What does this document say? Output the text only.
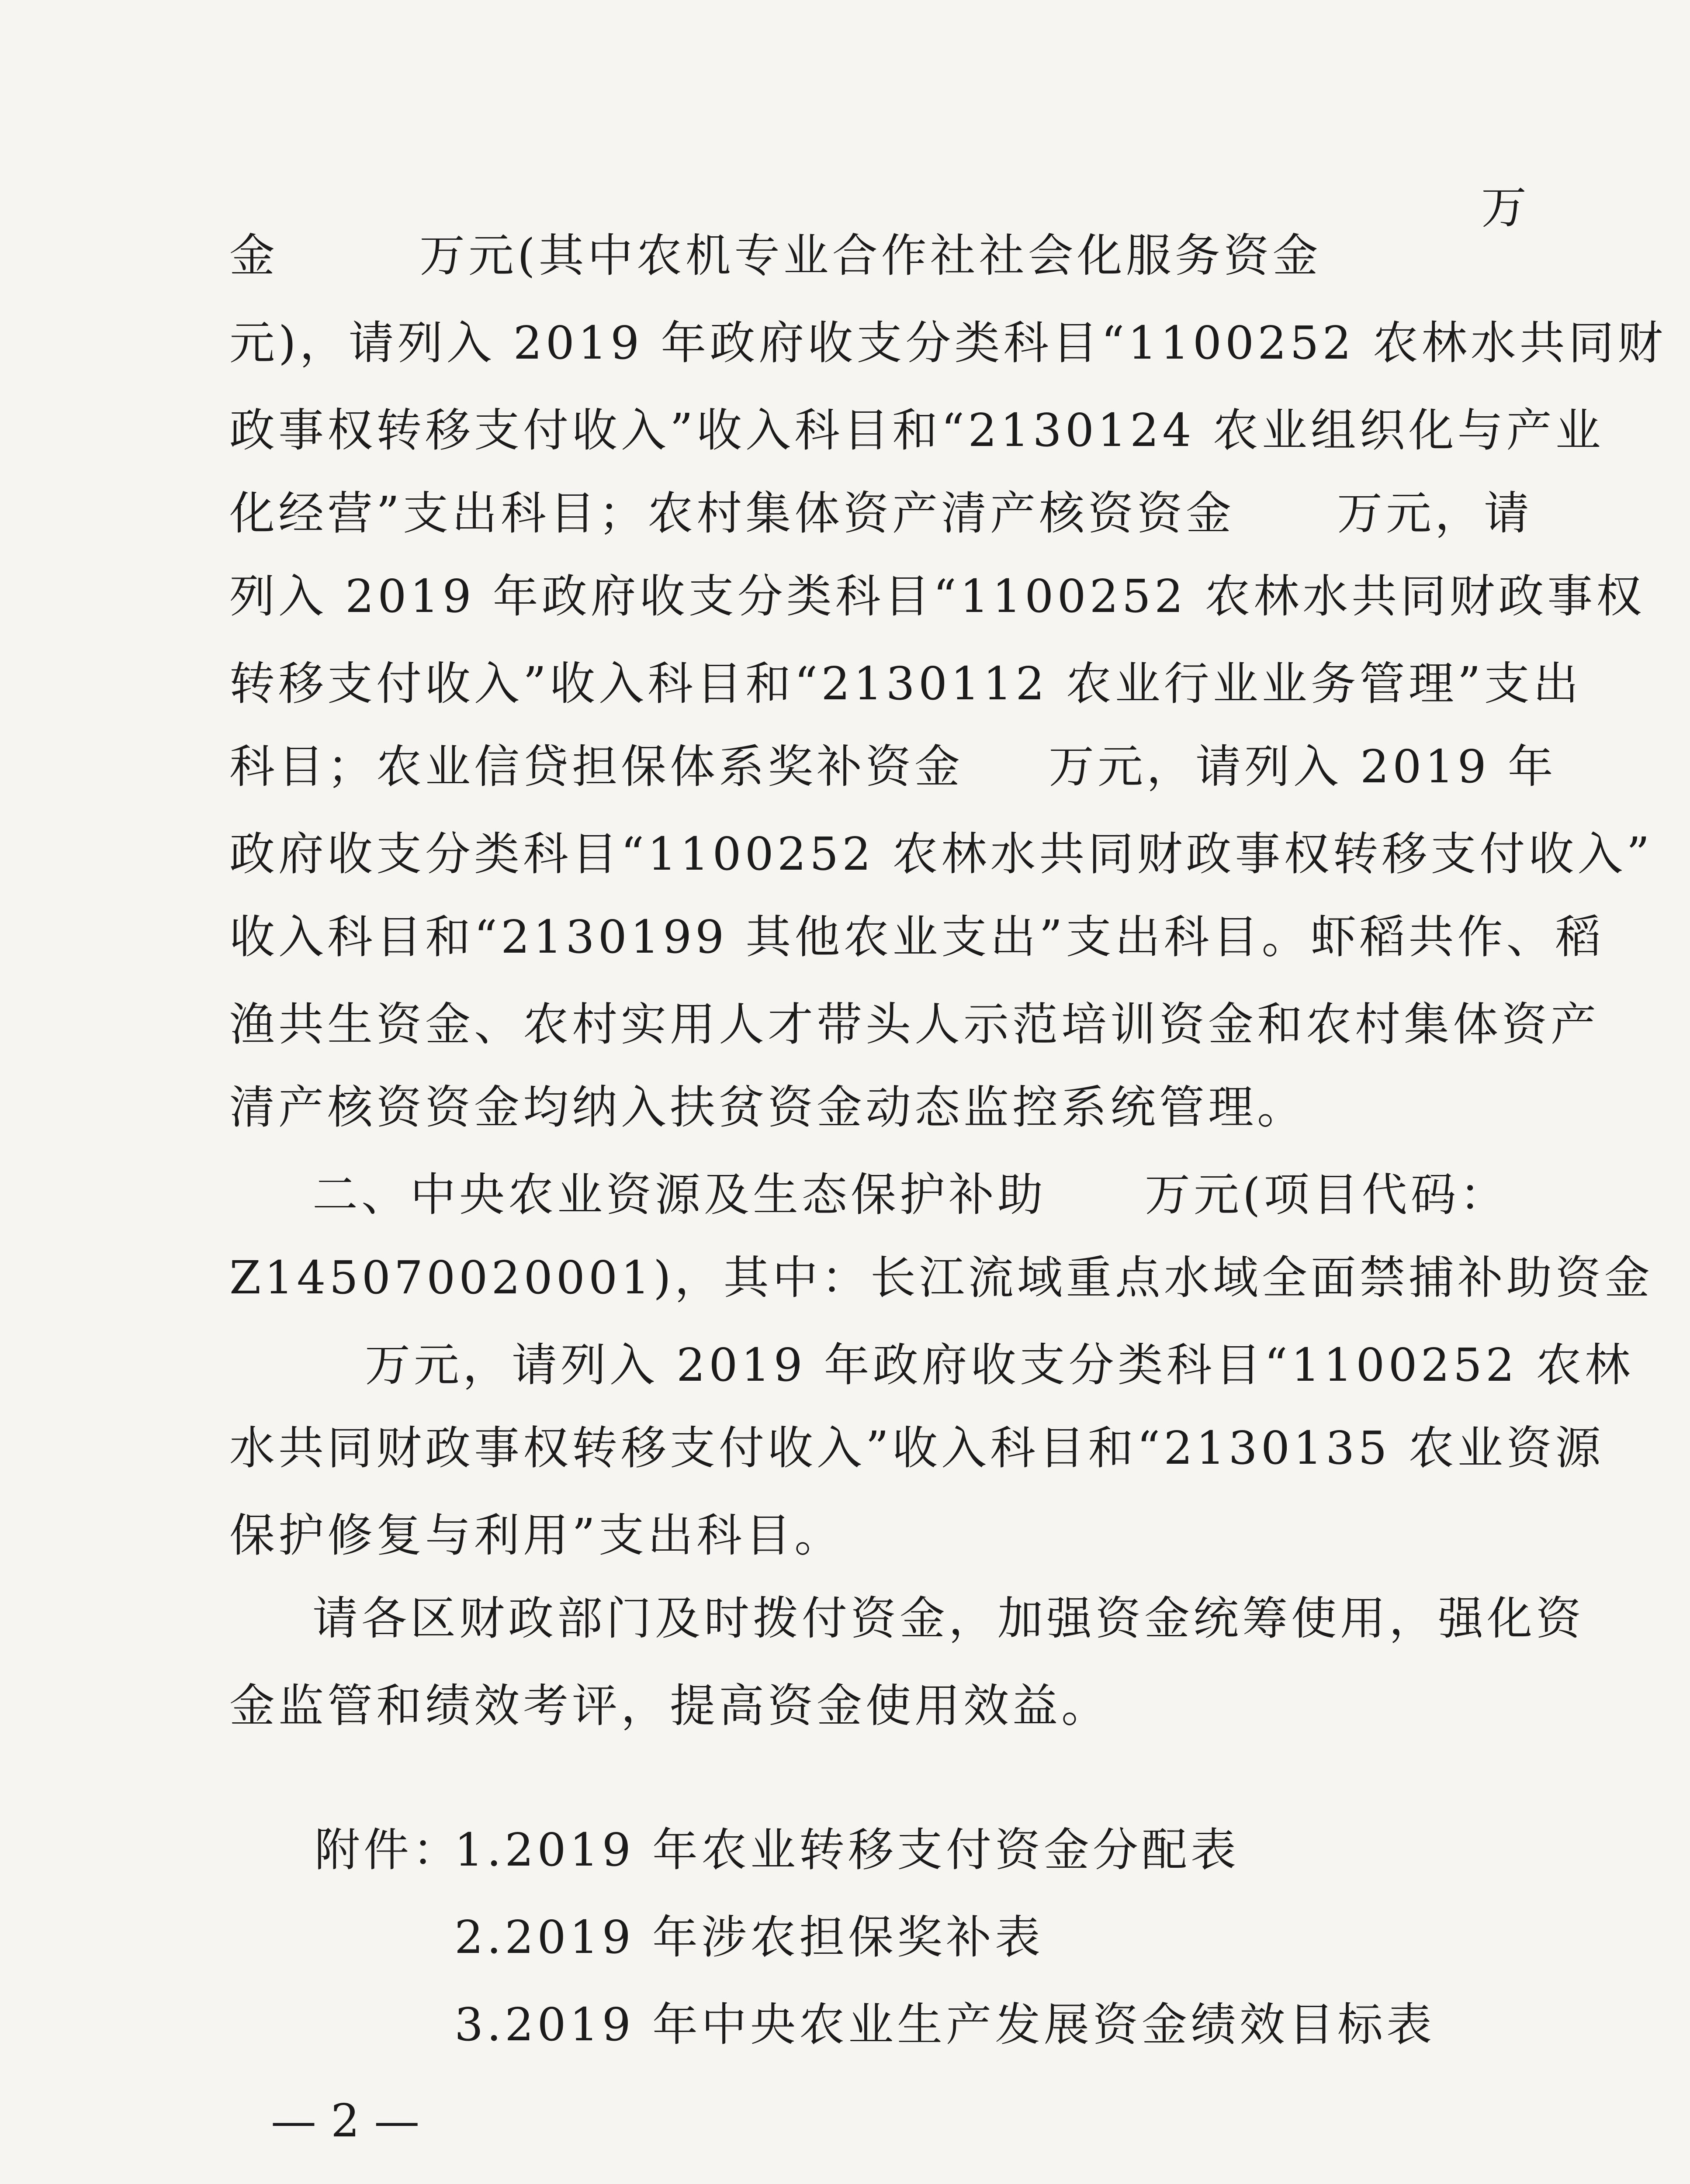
金
元)，请列入 2019 年政府收支分类科目“1100252 农林水共同财
政事权转移支付收入”收入科目和“2130124 农业组织化与产业
化经营”支出科目；农村集体资产清产核资资金
列入 2019 年政府收支分类科目“1100252 农林水共同财政事权
转移支付收入”收入科目和“2130112 农业行业业务管理”支出
科目；农业信贷担保体系奖补资金
政府收支分类科目“1100252 农林水共同财政事权转移支付收入”
收入科目和“2130199 其他农业支出”支出科目。虾稻共作、稻
渔共生资金、农村实用人才带头人示范培训资金和农村集体资产
清产核资资金均纳入扶贫资金动态监控系统管理。
二、中央农业资源及生态保护补助
Z145070020001)，其中：长江流域重点水域全面禁捕补助资金
万元，请列入 2019 年政府收支分类科目“1100252 农林
水共同财政事权转移支付收入”收入科目和“2130135 农业资源
保护修复与利用”支出科目。
请各区财政部门及时拨付资金，加强资金统筹使用，强化资
金监管和绩效考评，提高资金使用效益。
万
万元(其中农机专业合作社社会化服务资金
万元，请
万元，请列入 2019 年
万元(项目代码：
附件：
1.2019 年农业转移支付资金分配表
2.2019 年涉农担保奖补表
3.2019 年中央农业生产发展资金绩效目标表
— 2 —
